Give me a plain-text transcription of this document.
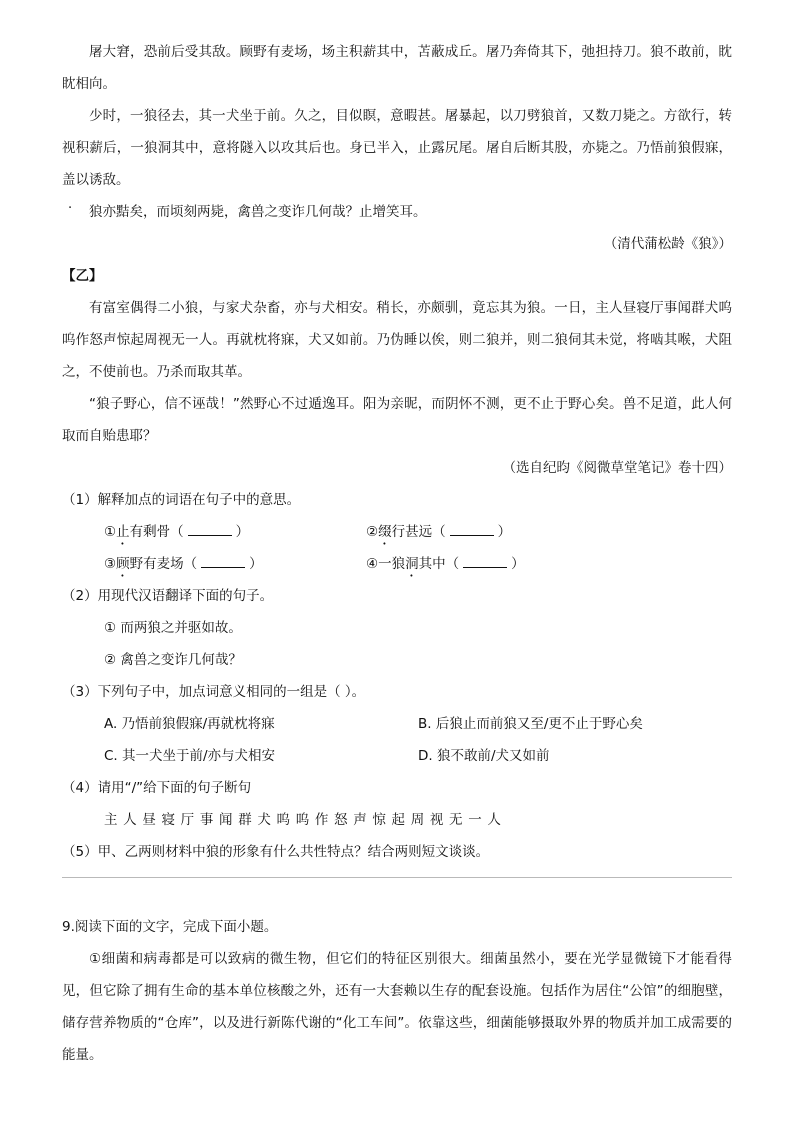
屠大窘，恐前后受其敌。顾野有麦场，场主积薪其中，苫蔽成丘。屠乃奔倚其下，弛担持刀。狼不敢前，眈眈相向。

少时，一狼径去，其一犬坐于前。久之，目似瞑，意暇甚。屠暴起，以刀劈狼首，又数刀毙之。方欲行，转视积薪后，一狼洞其中，意将隧入以攻其后也。身已半入，止露尻尾。屠自后断其股，亦毙之。乃悟前狼假寐，盖以诱敌。

狼亦黠矣，而顷刻两毙，禽兽之变诈几何哉？止增笑耳。

（清代蒲松龄《狼》）

【乙】

有富室偶得二小狼，与家犬杂畜，亦与犬相安。稍长，亦颇驯，竟忘其为狼。一日，主人昼寝厅事闻群犬呜呜作怒声惊起周视无一人。再就枕将寐，犬又如前。乃伪睡以俟，则二狼并，则二狼伺其未觉，将啮其喉，犬阻之，不使前也。乃杀而取其革。

“狼子野心，信不诬哉！”然野心不过遁逸耳。阳为亲昵，而阴怀不测，更不止于野心矣。兽不足道，此人何取而自贻患耶？

（选自纪昀《阅微草堂笔记》卷十四）

（1）解释加点的词语在句子中的意思。

①止有剩骨（	）	②缀行甚远（	）
③顾野有麦场（	）	④一狼洞其中（	）

（2）用现代汉语翻译下面的句子。

① 而两狼之并驱如故。

② 禽兽之变诈几何哉？

（3）下列句子中，加点词意义相同的一组是（ ）。

A. 乃悟前狼假寐/再就枕将寐	B. 后狼止而前狼又至/更不止于野心矣
C. 其一犬坐于前/亦与犬相安	D. 狼不敢前/犬又如前

（4）请用“/”给下面的句子断句

主人昼寝厅事闻群犬呜呜作怒声惊起周视无一人

（5）甲、乙两则材料中狼的形象有什么共性特点？结合两则短文谈谈。

·

9.阅读下面的文字，完成下面小题。

①细菌和病毒都是可以致病的微生物，但它们的特征区别很大。细菌虽然小，要在光学显微镜下才能看得见，但它除了拥有生命的基本单位核酸之外，还有一大套赖以生存的配套设施。包括作为居住“公馆”的细胞壁，储存营养物质的“仓库”，以及进行新陈代谢的“化工车间”。依靠这些，细菌能够摄取外界的物质并加工成需要的能量。
